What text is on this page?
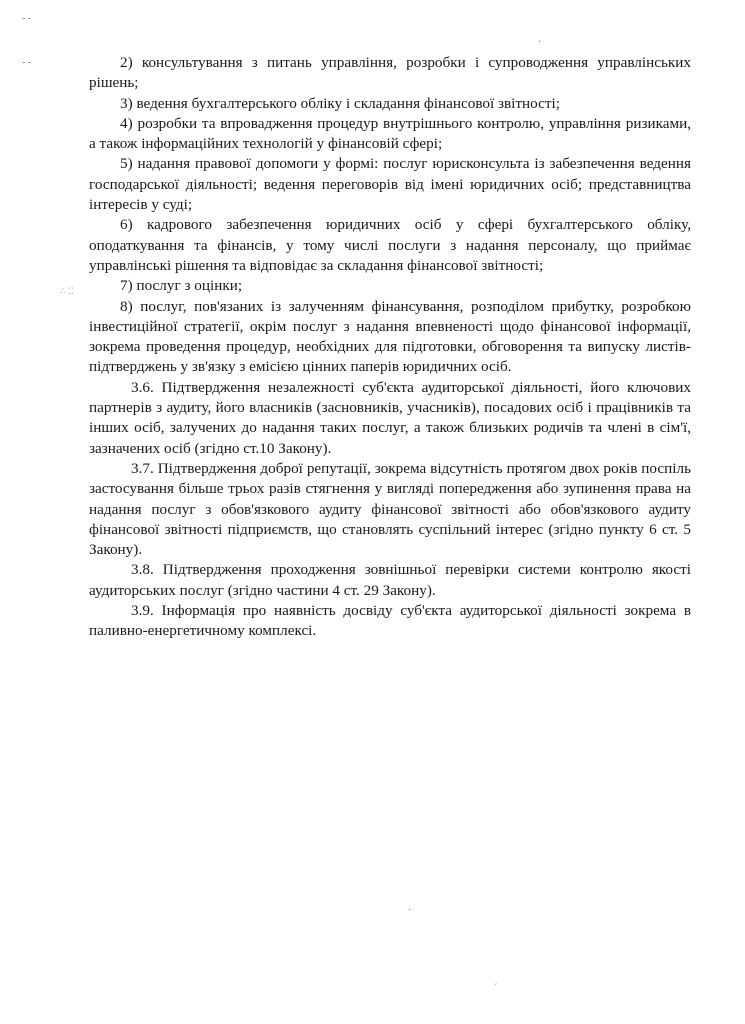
‐ ‐
‐ ‐
∴ ⁚⁚
·
·
ˊ

2) консультування з питань управління, розробки і супроводження управлінських рішень;

3) ведення бухгалтерського обліку і складання фінансової звітності;

4) розробки та впровадження процедур внутрішнього контролю, управління ризиками, а також інформаційних технологій у фінансовій сфері;

5) надання правової допомоги у формі: послуг юрисконсульта із забезпечення ведення господарської діяльності; ведення переговорів від імені юридичних осіб; представництва інтересів у суді;

6) кадрового забезпечення юридичних осіб у сфері бухгалтерського обліку, оподаткування та фінансів, у тому числі послуги з надання персоналу, що приймає управлінські рішення та відповідає за складання фінансової звітності;

7) послуг з оцінки;

8) послуг, пов'язаних із залученням фінансування, розподілом прибутку, розробкою інвестиційної стратегії, окрім послуг з надання впевненості щодо фінансової інформації, зокрема проведення процедур, необхідних для підготовки, обговорення та випуску листів-підтверджень у зв'язку з емісією цінних паперів юридичних осіб.

3.6. Підтвердження незалежності суб'єкта аудиторської діяльності, його ключових партнерів з аудиту, його власників (засновників, учасників), посадових осіб і працівників та інших осіб, залучених до надання таких послуг, а також близьких родичів та члені в сім'ї, зазначених осіб (згідно ст.10 Закону).

3.7. Підтвердження доброї репутації, зокрема відсутність протягом двох років поспіль застосування більше трьох разів стягнення у вигляді попередження або зупинення права на надання послуг з обов'язкового аудиту фінансової звітності або обов'язкового аудиту фінансової звітності підприємств, що становлять суспільний інтерес (згідно пункту 6 ст. 5 Закону).

3.8. Підтвердження проходження зовнішньої перевірки системи контролю якості аудиторських послуг (згідно частини 4 ст. 29 Закону).

3.9. Інформація про наявність досвіду суб'єкта аудиторської діяльності зокрема в паливно-енергетичному комплексі.
